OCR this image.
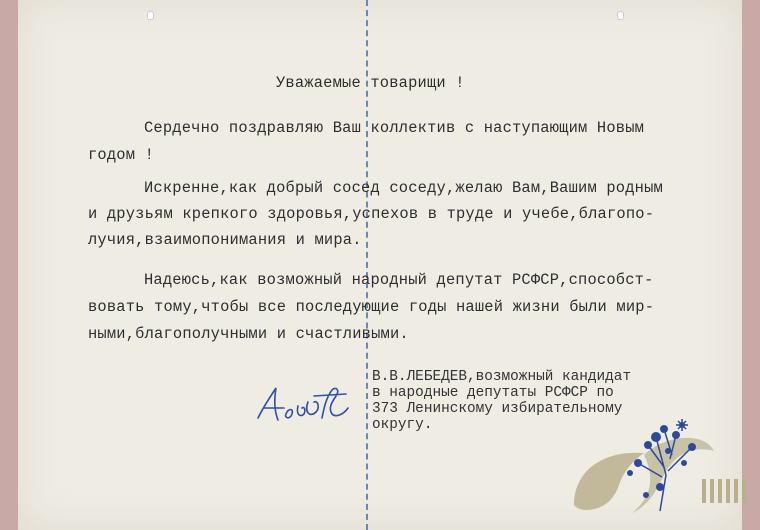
Уважаемые товарищи !
Сердечно поздравляю Ваш коллектив с наступающим Новым
годом !
Искренне,как добрый сосед соседу,желаю Вам,Вашим родным
и друзьям крепкого здоровья,успехов в труде и учебе,благопо-
лучия,взаимопонимания и мира.
Надеюсь,как возможный народный депутат РСФСР,способст-
вовать тому,чтобы все последующие годы нашей жизни были мир-
ными,благополучными и счастливыми.
В.В.ЛЕБЕДЕВ,возможный кандидат
в народные депутаты РСФСР по
373 Ленинскому избирательному
округу.
